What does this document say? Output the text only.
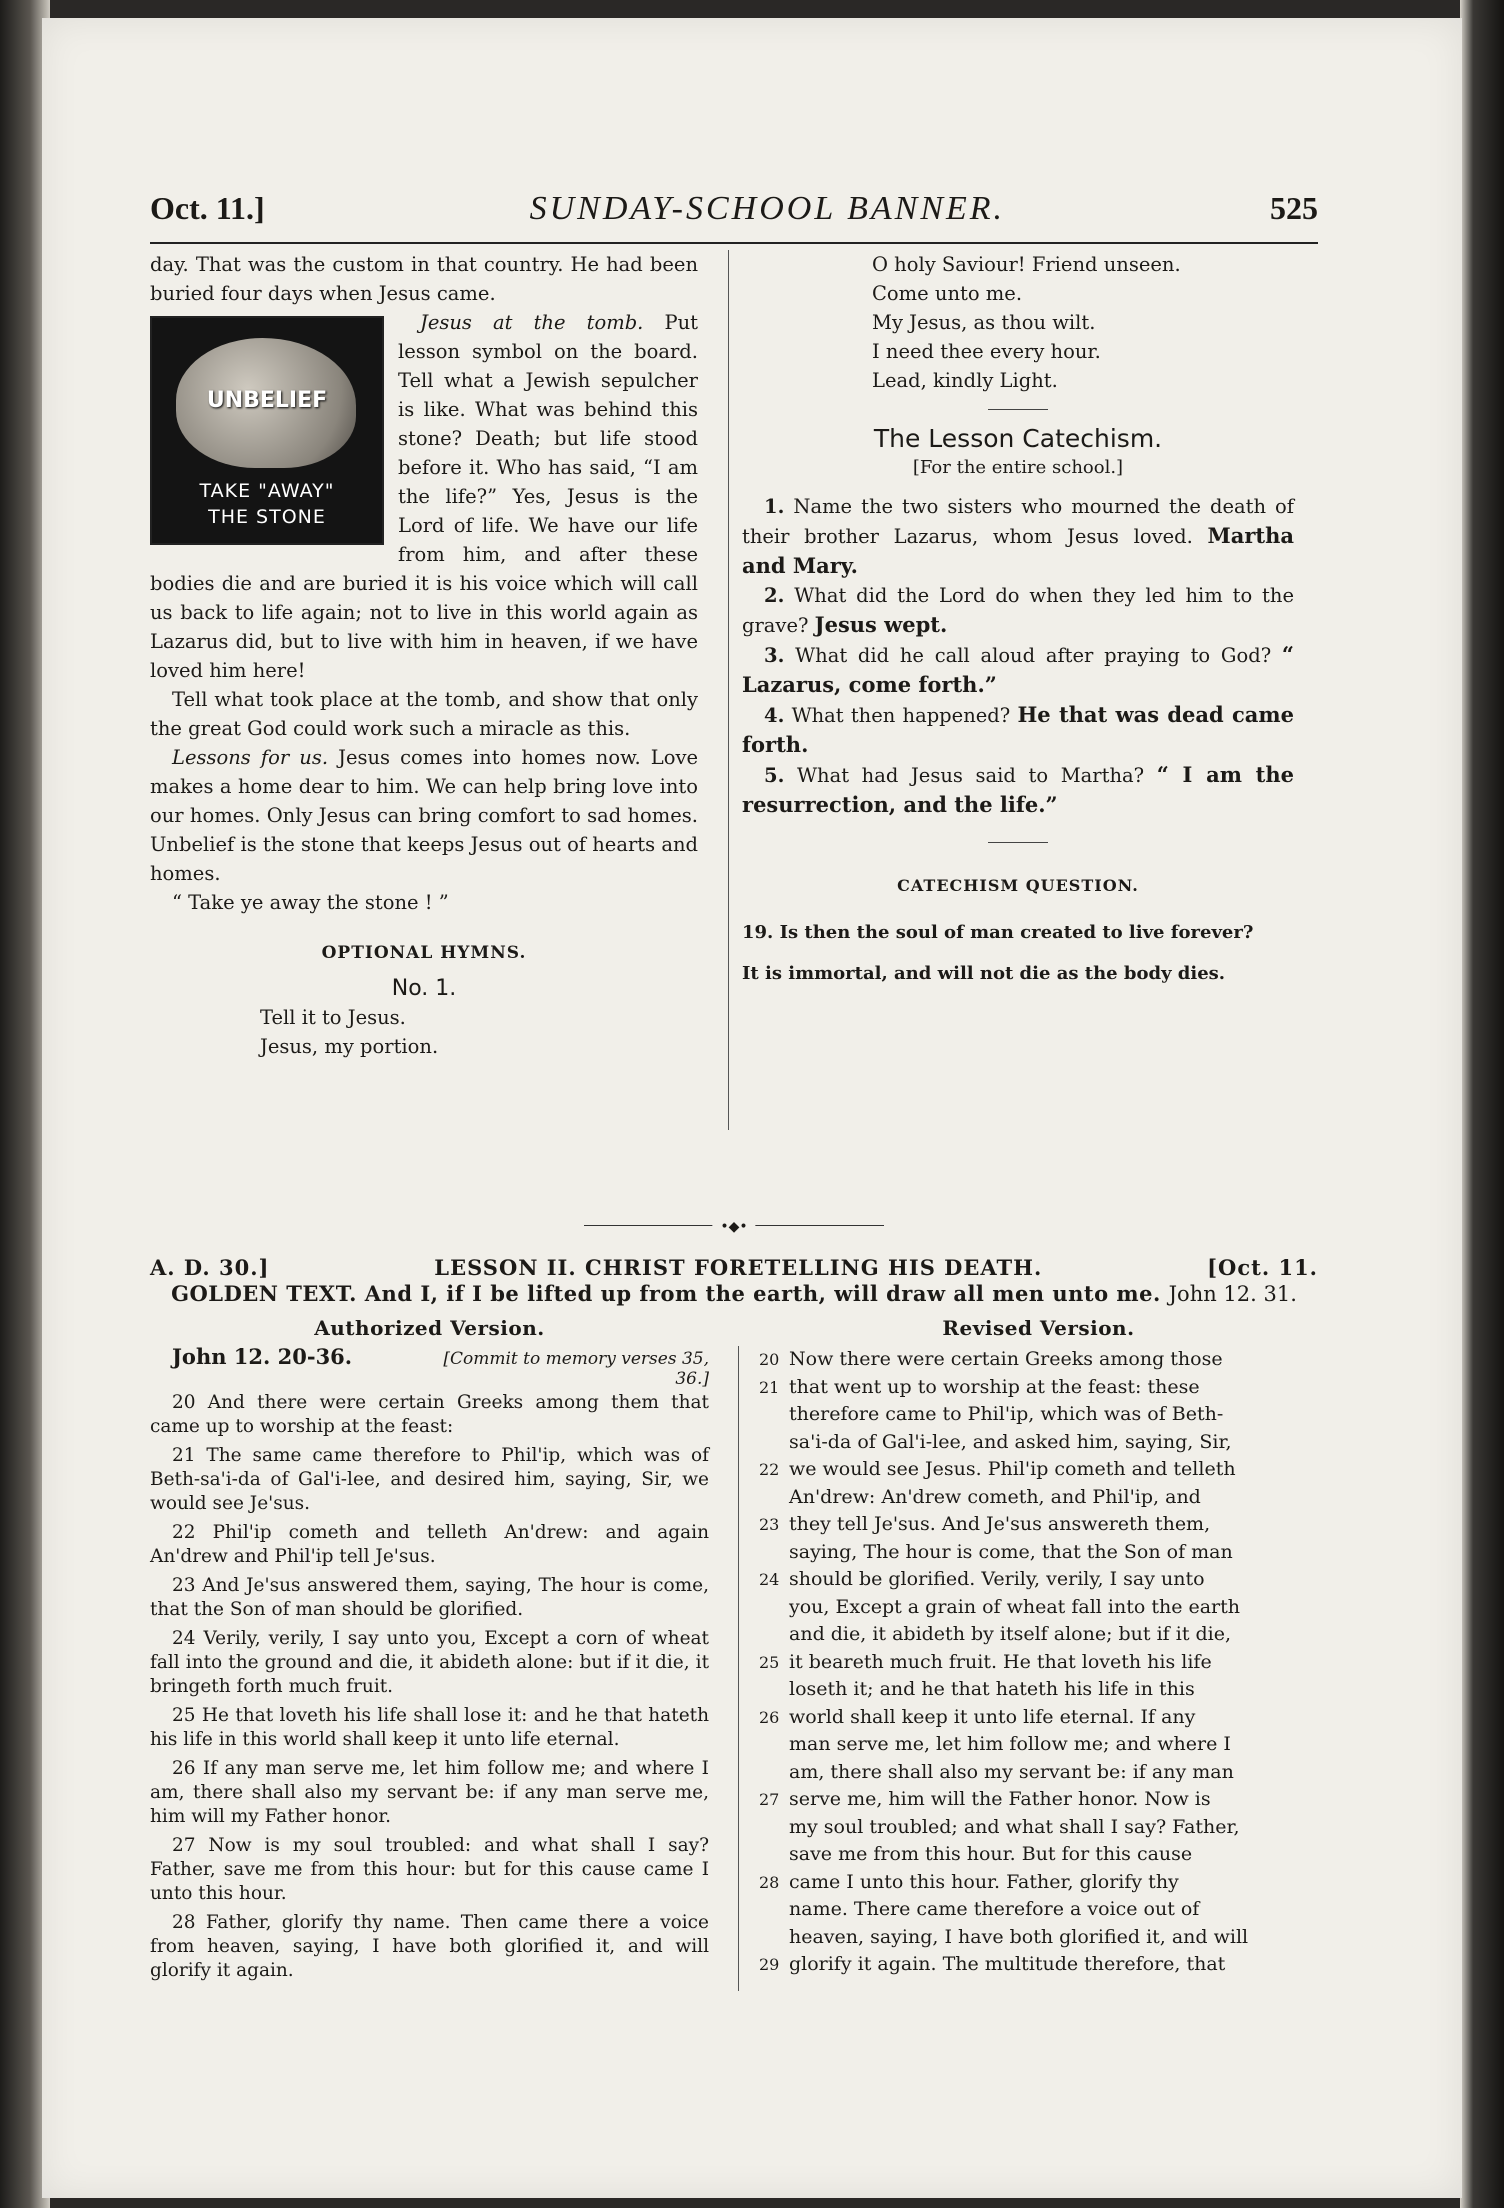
Oct. 11.]	SUNDAY-SCHOOL BANNER.	525

day. That was the custom in that country. He had been buried four days when Jesus came.

UNBELIEF
TAKE "AWAY"
THE STONE

Jesus at the tomb. Put lesson symbol on the board. Tell what a Jewish sepulcher is like. What was behind this stone? Death; but life stood before it. Who has said, “I am the life?” Yes, Jesus is the Lord of life. We have our life from him, and after these bodies die and are buried it is his voice which will call us back to life again; not to live in this world again as Lazarus did, but to live with him in heaven, if we have loved him here!

Tell what took place at the tomb, and show that only the great God could work such a miracle as this.

Lessons for us. Jesus comes into homes now. Love makes a home dear to him. We can help bring love into our homes. Only Jesus can bring comfort to sad homes. Unbelief is the stone that keeps Jesus out of hearts and homes.

“ Take ye away the stone ! ”

OPTIONAL HYMNS.
No. 1.
Tell it to Jesus.
Jesus, my portion.
O holy Saviour! Friend unseen.
Come unto me.
My Jesus, as thou wilt.
I need thee every hour.
Lead, kindly Light.
The Lesson Catechism.
[For the entire school.]

1. Name the two sisters who mourned the death of their brother Lazarus, whom Jesus loved. Martha and Mary.

2. What did the Lord do when they led him to the grave? Jesus wept.

3. What did he call aloud after praying to God? “ Lazarus, come forth.”

4. What then happened? He that was dead came forth.

5. What had Jesus said to Martha? “ I am the resurrection, and the life.”

CATECHISM QUESTION.
19. Is then the soul of man created to live forever?
It is immortal, and will not die as the body dies.
•◆•
A. D. 30.]	LESSON II. CHRIST FORETELLING HIS DEATH.	[Oct. 11.
GOLDEN TEXT. And I, if I be lifted up from the earth, will draw all men unto me. John 12. 31.
Authorized Version.
John 12. 20-36.	[Commit to memory verses 35, 36.]

20 And there were certain Greeks among them that came up to worship at the feast:

21 The same came therefore to Phil'ip, which was of Beth-sa'i-da of Gal'i-lee, and desired him, saying, Sir, we would see Je'sus.

22 Phil'ip cometh and telleth An'drew: and again An'drew and Phil'ip tell Je'sus.

23 And Je'sus answered them, saying, The hour is come, that the Son of man should be glorified.

24 Verily, verily, I say unto you, Except a corn of wheat fall into the ground and die, it abideth alone: but if it die, it bringeth forth much fruit.

25 He that loveth his life shall lose it: and he that hateth his life in this world shall keep it unto life eternal.

26 If any man serve me, let him follow me; and where I am, there shall also my servant be: if any man serve me, him will my Father honor.

27 Now is my soul troubled: and what shall I say? Father, save me from this hour: but for this cause came I unto this hour.

28 Father, glorify thy name. Then came there a voice from heaven, saying, I have both glorified it, and will glorify it again.

Revised Version.
20 Now there were certain Greeks among those
21 that went up to worship at the feast: these
therefore came to Phil'ip, which was of Beth-
sa'i-da of Gal'i-lee, and asked him, saying, Sir,
22 we would see Jesus. Phil'ip cometh and telleth
An'drew: An'drew cometh, and Phil'ip, and
23 they tell Je'sus. And Je'sus answereth them,
saying, The hour is come, that the Son of man
24 should be glorified. Verily, verily, I say unto
you, Except a grain of wheat fall into the earth
and die, it abideth by itself alone; but if it die,
25 it beareth much fruit. He that loveth his life
loseth it; and he that hateth his life in this
26 world shall keep it unto life eternal. If any
man serve me, let him follow me; and where I
am, there shall also my servant be: if any man
27 serve me, him will the Father honor. Now is
my soul troubled; and what shall I say? Father,
save me from this hour. But for this cause
28 came I unto this hour. Father, glorify thy
name. There came therefore a voice out of
heaven, saying, I have both glorified it, and will
29 glorify it again. The multitude therefore, that
